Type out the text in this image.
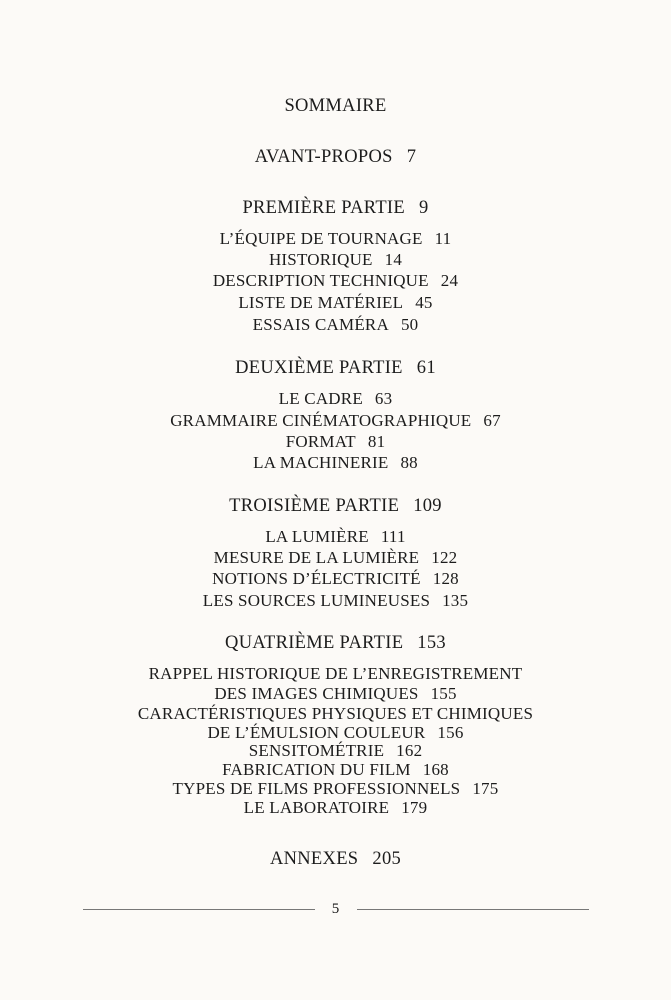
SOMMAIRE
AVANT-PROPOS 7
PREMIÈRE PARTIE 9
L’ÉQUIPE DE TOURNAGE 11
HISTORIQUE 14
DESCRIPTION TECHNIQUE 24
LISTE DE MATÉRIEL 45
ESSAIS CAMÉRA 50
DEUXIÈME PARTIE 61
LE CADRE 63
GRAMMAIRE CINÉMATOGRAPHIQUE 67
FORMAT 81
LA MACHINERIE 88
TROISIÈME PARTIE 109
LA LUMIÈRE 111
MESURE DE LA LUMIÈRE 122
NOTIONS D’ÉLECTRICITÉ 128
LES SOURCES LUMINEUSES 135
QUATRIÈME PARTIE 153
RAPPEL HISTORIQUE DE L’ENREGISTREMENT
DES IMAGES CHIMIQUES 155
CARACTÉRISTIQUES PHYSIQUES ET CHIMIQUES
DE L’ÉMULSION COULEUR 156
SENSITOMÉTRIE 162
FABRICATION DU FILM 168
TYPES DE FILMS PROFESSIONNELS 175
LE LABORATOIRE 179
ANNEXES 205
5
